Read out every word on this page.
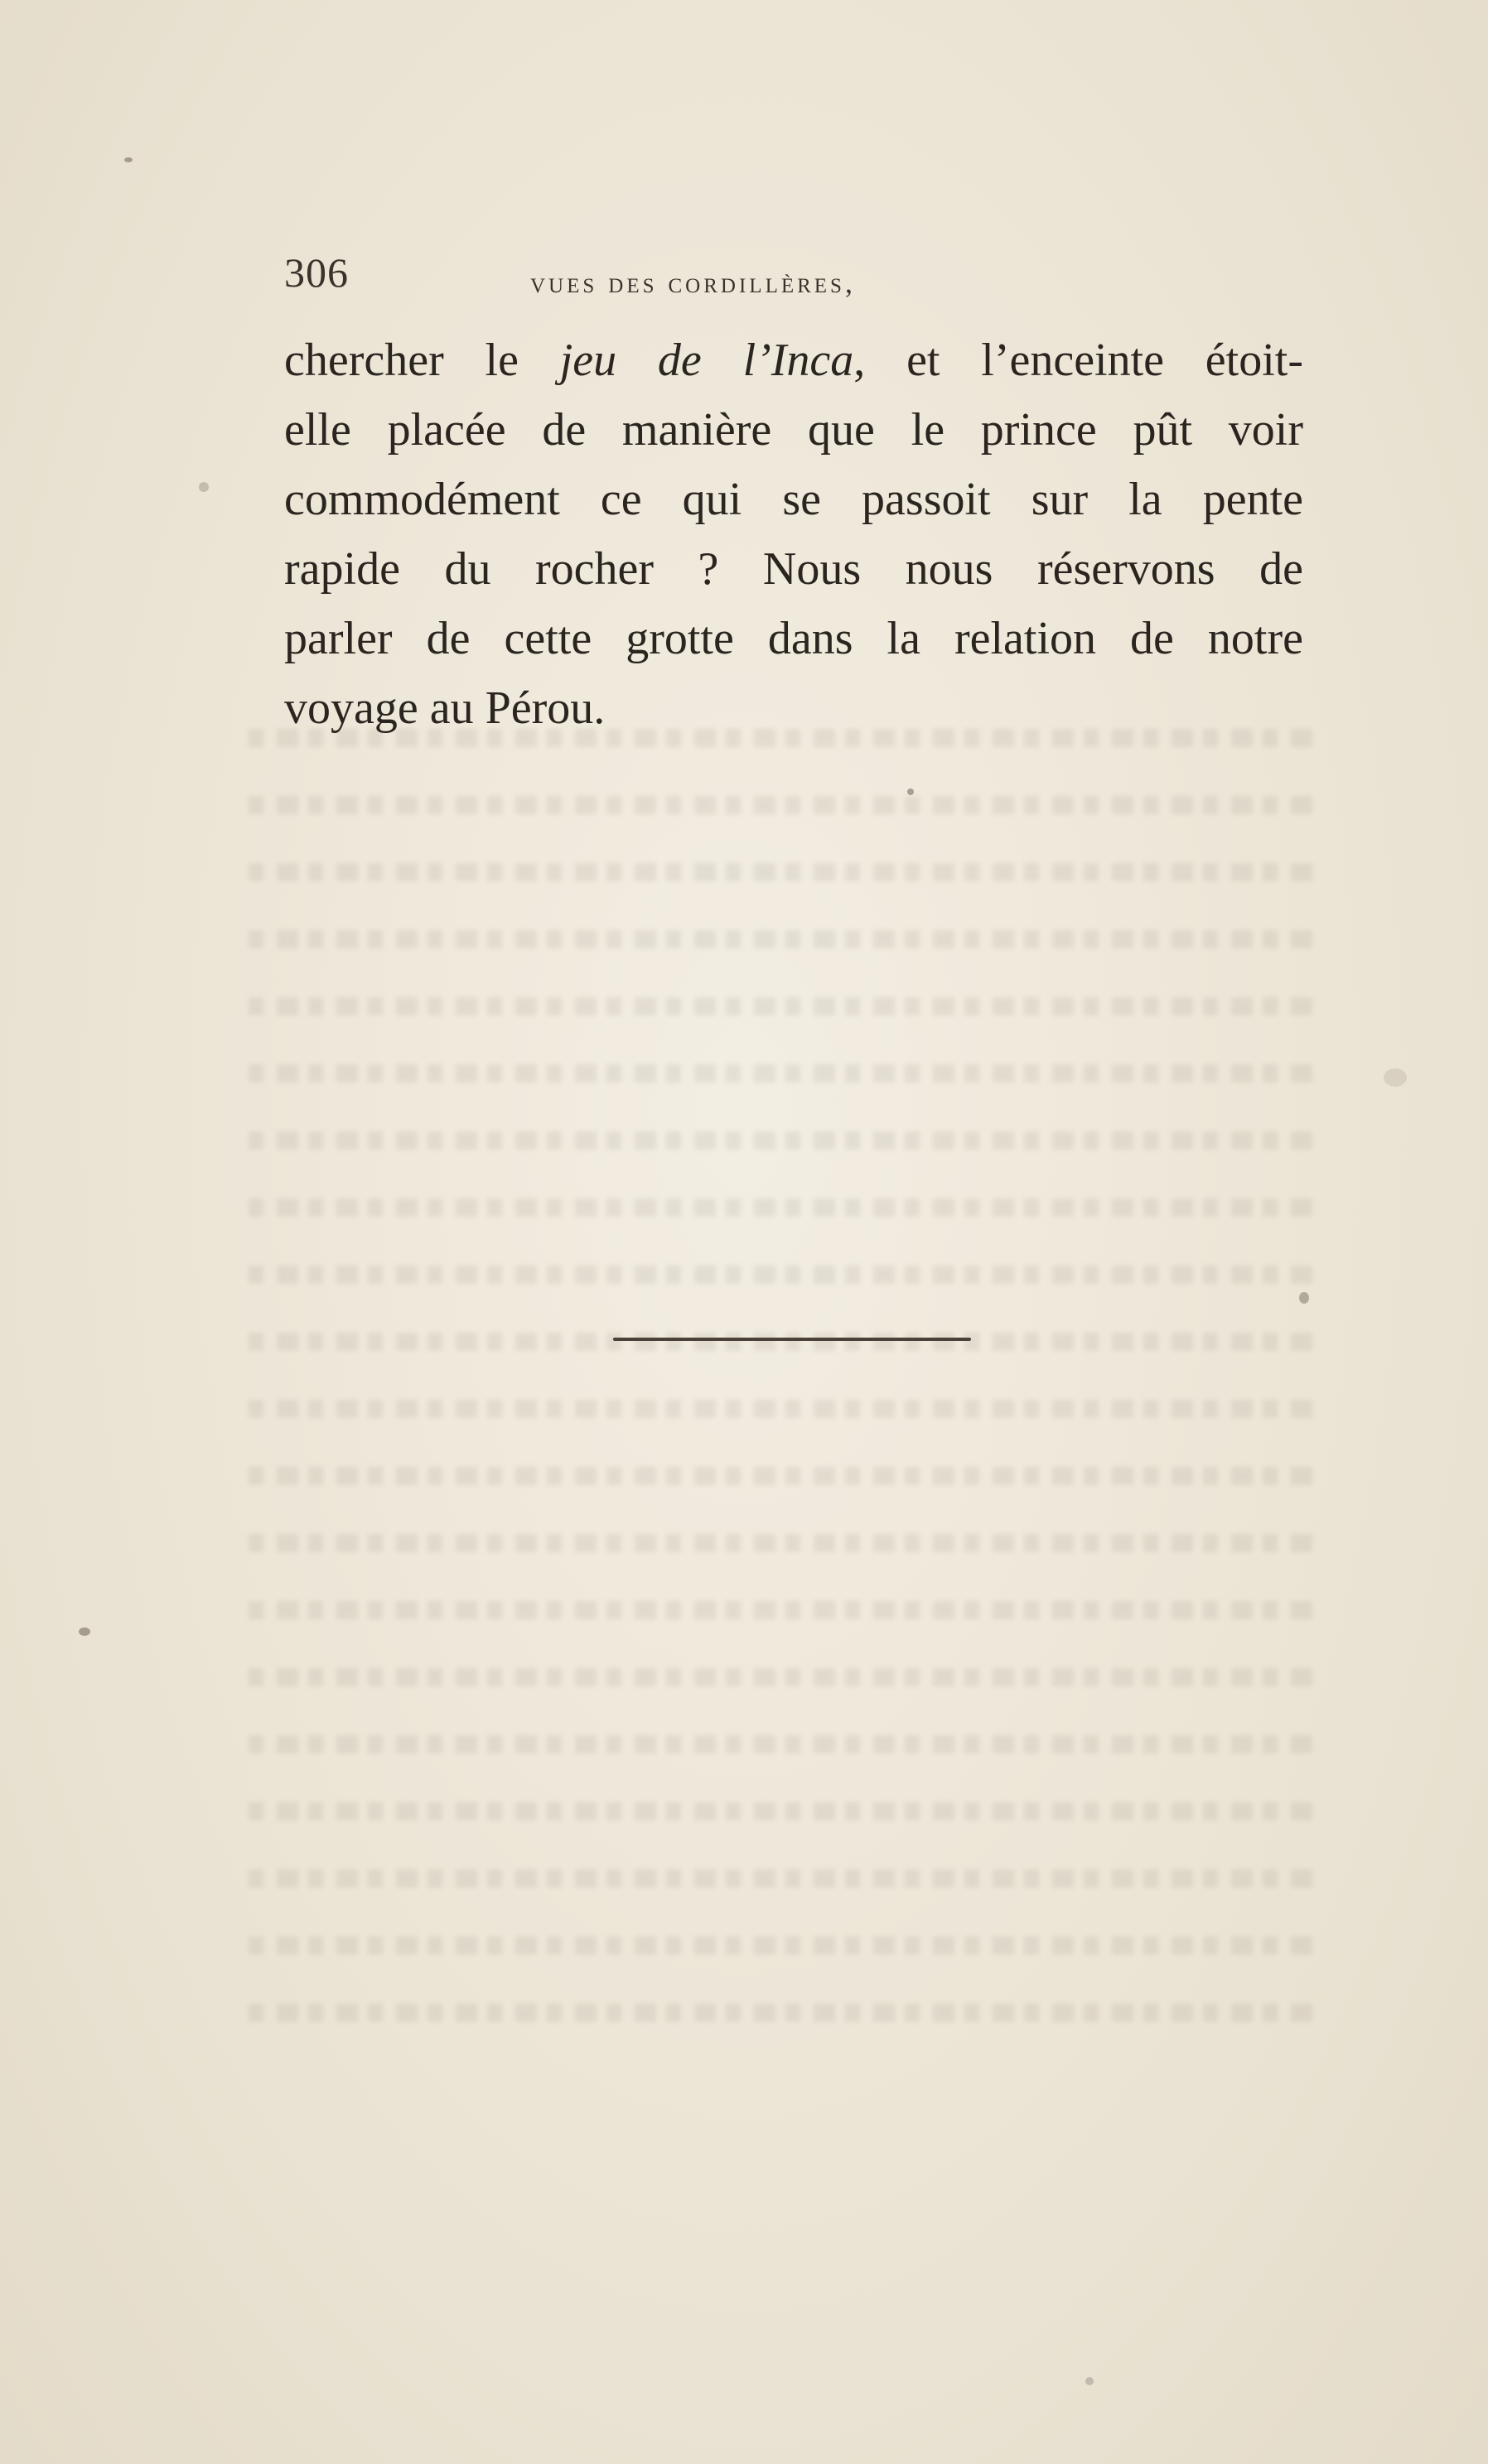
306	vues des cordillères,
chercher le jeu de l’Inca, et l’enceinte étoit-
elle placée de manière que le prince pût voir
commodément ce qui se passoit sur la pente
rapide du rocher ? Nous nous réservons de
parler de cette grotte dans la relation de notre
voyage au Pérou.
